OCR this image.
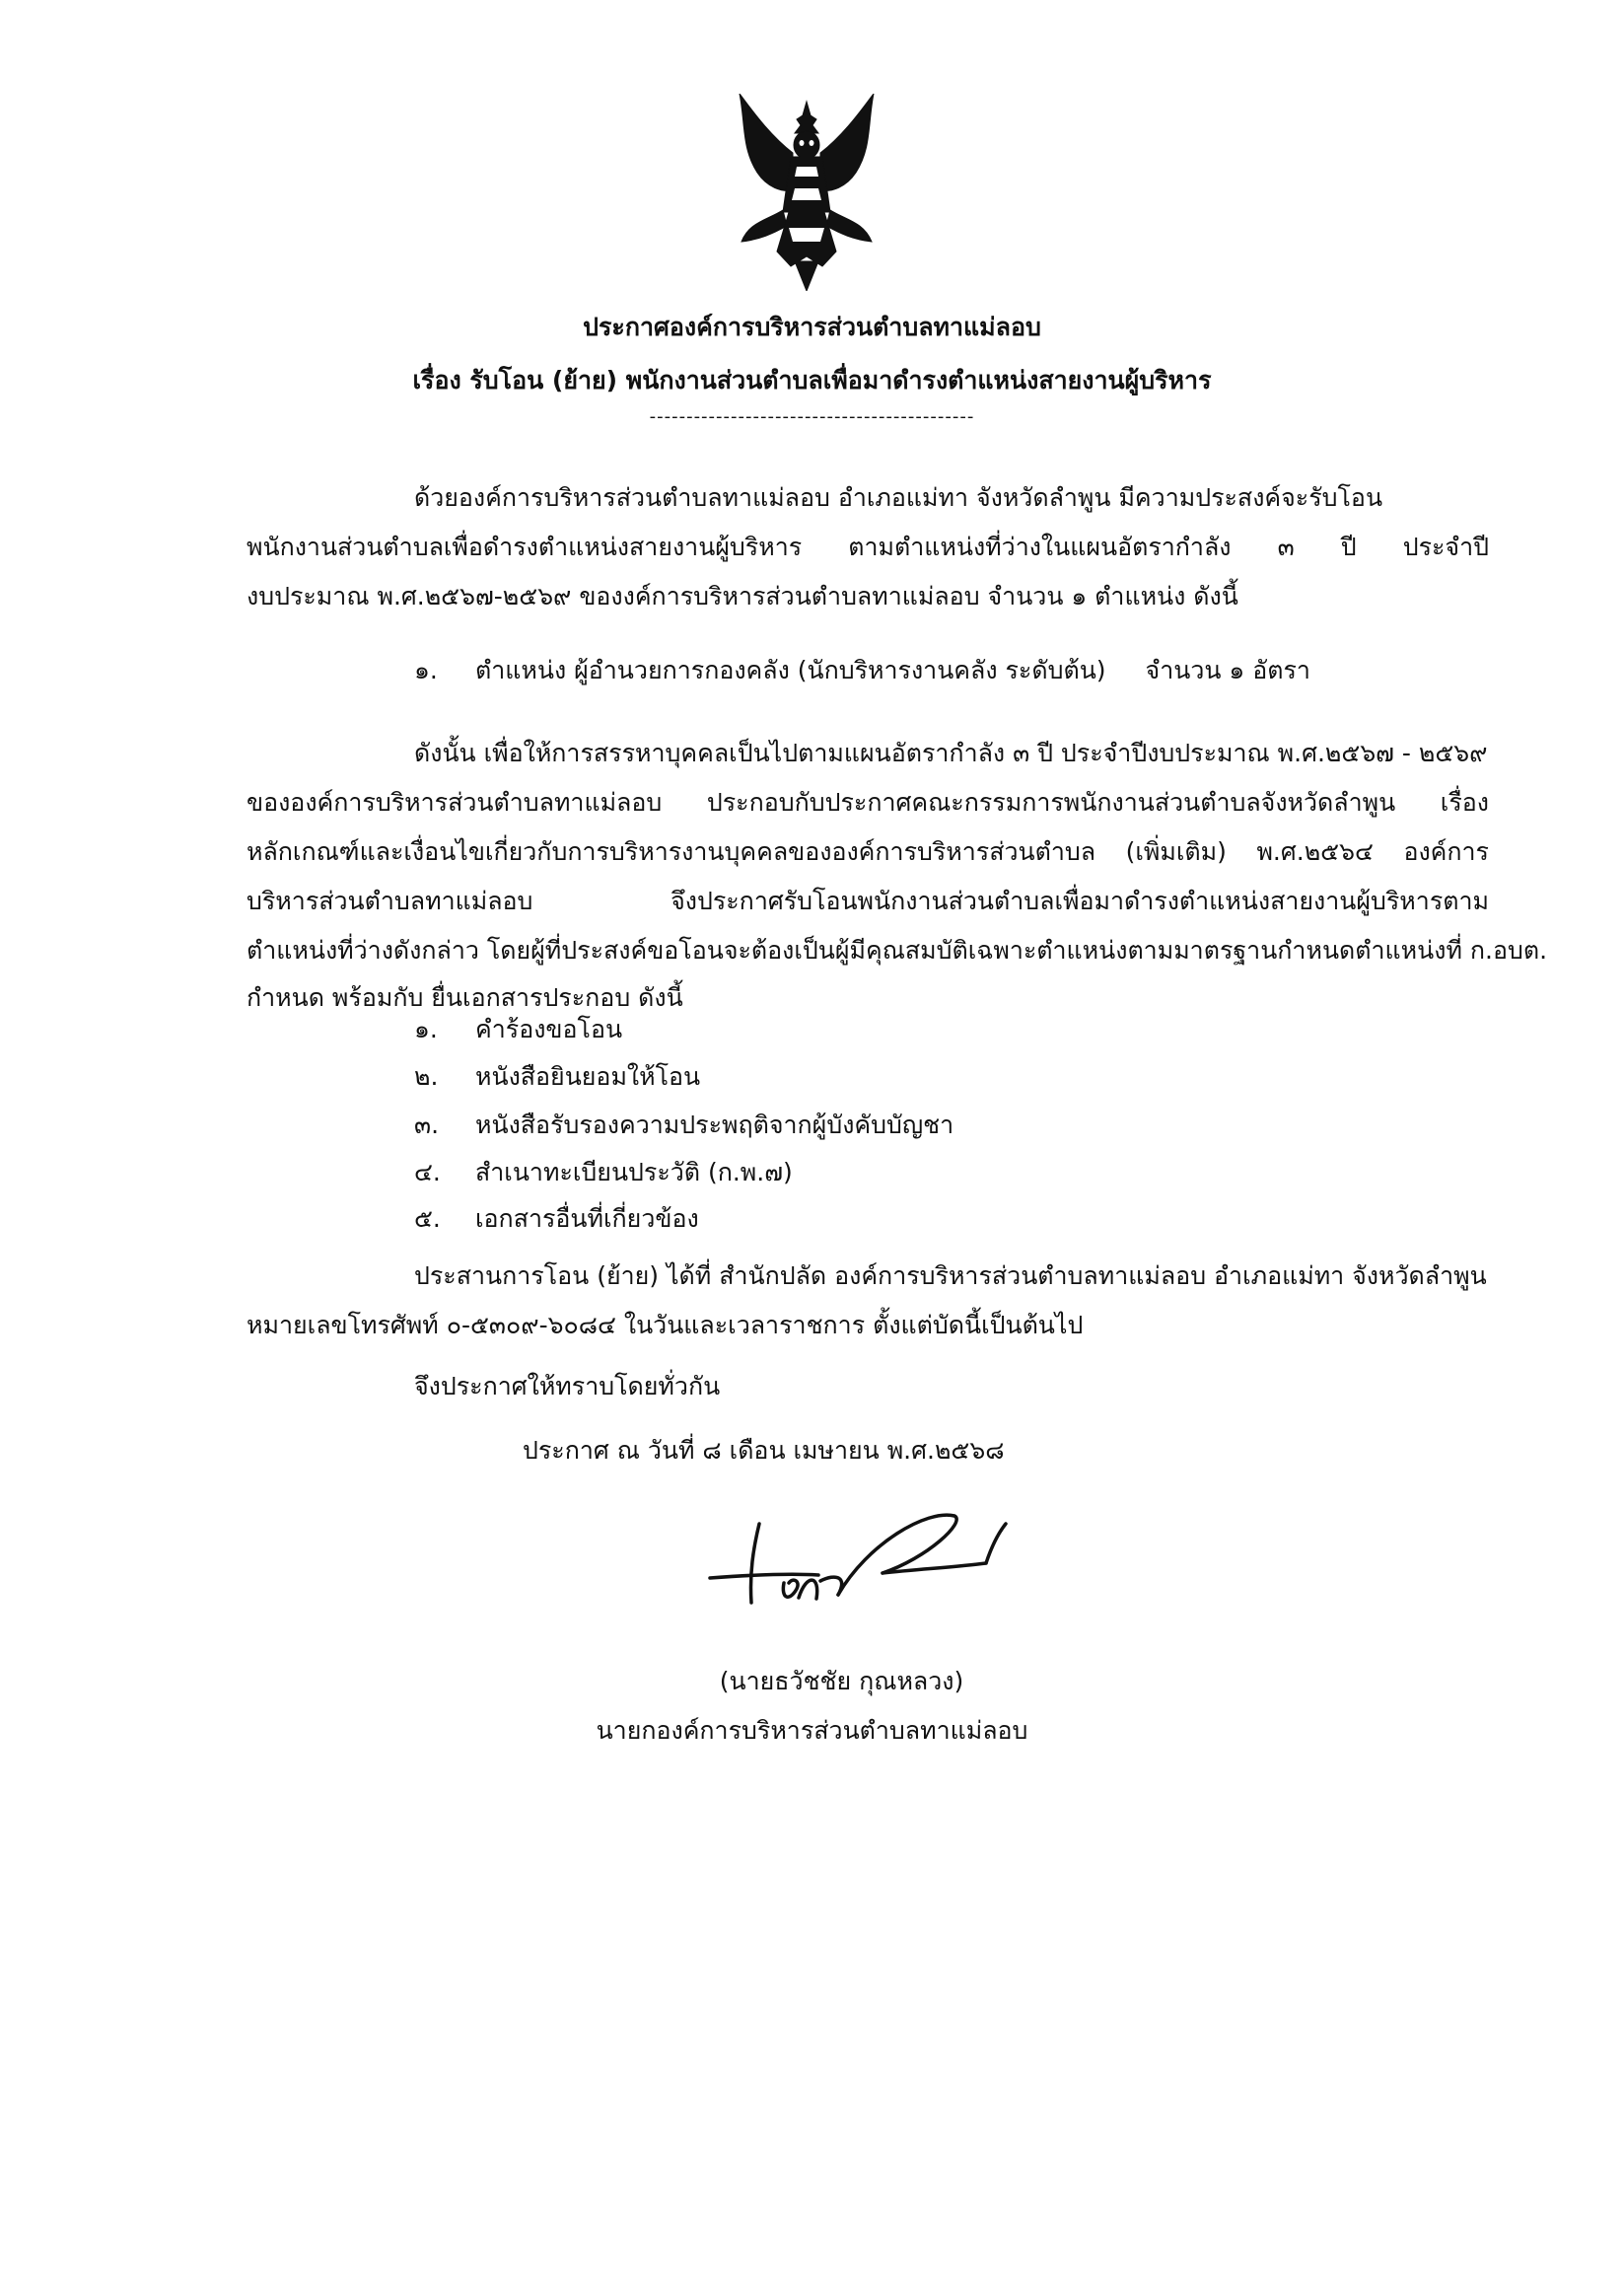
ประกาศองค์การบริหารส่วนตำบลทาแม่ลอบ
เรื่อง รับโอน (ย้าย) พนักงานส่วนตำบลเพื่อมาดำรงตำแหน่งสายงานผู้บริหาร
--------------------------------------------
ด้วยองค์การบริหารส่วนตำบลทาแม่ลอบ อำเภอแม่ทา จังหวัดลำพูน มีความประสงค์จะรับโอน
พนักงานส่วนตำบลเพื่อดำรงตำแหน่งสายงานผู้บริหาร ตามตำแหน่งที่ว่างในแผนอัตรากำลัง ๓ ปี ประจำปี
งบประมาณ พ.ศ.๒๕๖๗-๒๕๖๙ ของงค์การบริหารส่วนตำบลทาแม่ลอบ จำนวน ๑ ตำแหน่ง ดังนี้
๑. ตำแหน่ง ผู้อำนวยการกองคลัง (นักบริหารงานคลัง ระดับต้น) จำนวน ๑ อัตรา
ดังนั้น เพื่อให้การสรรหาบุคคลเป็นไปตามแผนอัตรากำลัง ๓ ปี ประจำปีงบประมาณ พ.ศ.๒๕๖๗ - ๒๕๖๙
ขององค์การบริหารส่วนตำบลทาแม่ลอบ ประกอบกับประกาศคณะกรรมการพนักงานส่วนตำบลจังหวัดลำพูน เรื่อง
หลักเกณฑ์และเงื่อนไขเกี่ยวกับการบริหารงานบุคคลขององค์การบริหารส่วนตำบล (เพิ่มเติม) พ.ศ.๒๕๖๔ องค์การ
บริหารส่วนตำบลทาแม่ลอบ จึงประกาศรับโอนพนักงานส่วนตำบลเพื่อมาดำรงตำแหน่งสายงานผู้บริหารตาม
ตำแหน่งที่ว่างดังกล่าว โดยผู้ที่ประสงค์ขอโอนจะต้องเป็นผู้มีคุณสมบัติเฉพาะตำแหน่งตามมาตรฐานกำหนดตำแหน่งที่ ก.อบต.
กำหนด พร้อมกับ ยื่นเอกสารประกอบ ดังนี้
๑. คำร้องขอโอน
๒. หนังสือยินยอมให้โอน
๓. หนังสือรับรองความประพฤติจากผู้บังคับบัญชา
๔. สำเนาทะเบียนประวัติ (ก.พ.๗)
๕. เอกสารอื่นที่เกี่ยวข้อง
ประสานการโอน (ย้าย) ได้ที่ สำนักปลัด องค์การบริหารส่วนตำบลทาแม่ลอบ อำเภอแม่ทา จังหวัดลำพูน
หมายเลขโทรศัพท์ ๐-๕๓๐๙-๖๐๘๔ ในวันและเวลาราชการ ตั้งแต่บัดนี้เป็นต้นไป
จึงประกาศให้ทราบโดยทั่วกัน
ประกาศ ณ วันที่ ๘ เดือน เมษายน พ.ศ.๒๕๖๘
(นายธวัชชัย กุณหลวง)
นายกองค์การบริหารส่วนตำบลทาแม่ลอบ
